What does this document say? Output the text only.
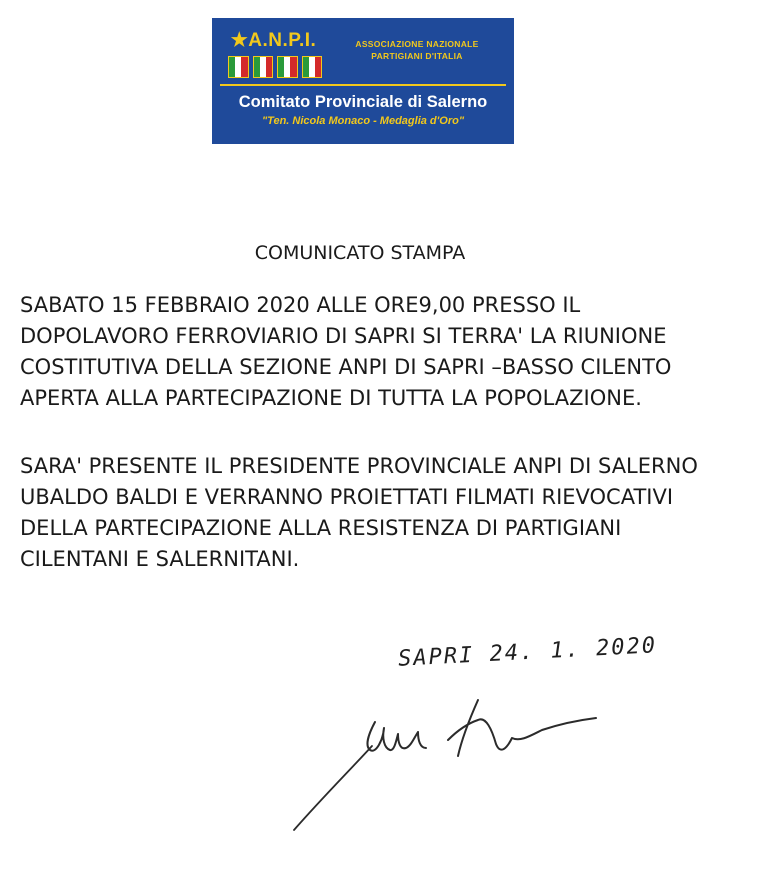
★A.N.P.I.	ASSOCIAZIONE NAZIONALE
PARTIGIANI D'ITALIA
Comitato Provinciale di Salerno
"Ten. Nicola Monaco - Medaglia d'Oro"
COMUNICATO STAMPA
SABATO 15 FEBBRAIO 2020 ALLE ORE9,00 PRESSO IL
DOPOLAVORO FERROVIARIO DI SAPRI SI TERRA' LA RIUNIONE
COSTITUTIVA DELLA SEZIONE ANPI DI SAPRI –BASSO CILENTO
APERTA ALLA PARTECIPAZIONE DI TUTTA LA POPOLAZIONE.
SARA' PRESENTE IL PRESIDENTE PROVINCIALE ANPI DI SALERNO
UBALDO BALDI E VERRANNO PROIETTATI FILMATI RIEVOCATIVI
DELLA PARTECIPAZIONE ALLA RESISTENZA DI PARTIGIANI
CILENTANI E SALERNITANI.
SAPRI 24. 1. 2020
